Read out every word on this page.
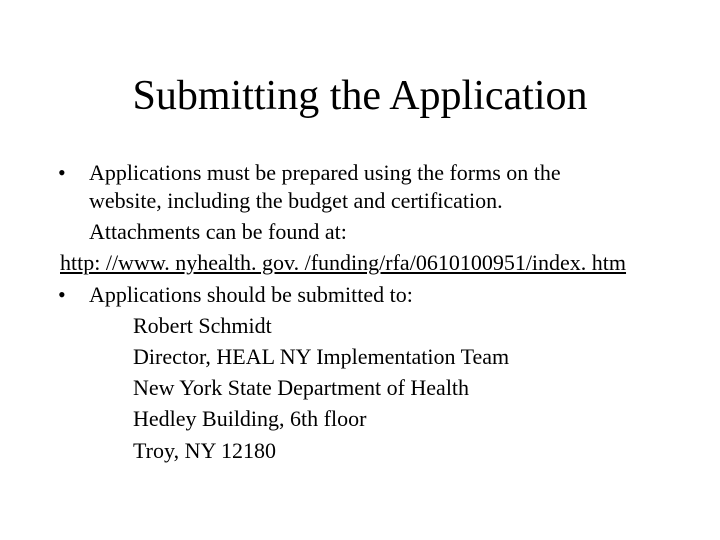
Submitting the Application
• Applications must be prepared using the forms on the
website, including the budget and certification.
Attachments can be found at:
http: //www. nyhealth. gov. /funding/rfa/0610100951/index. htm
• Applications should be submitted to:
Robert Schmidt
Director, HEAL NY Implementation Team
New York State Department of Health
Hedley Building, 6th floor
Troy, NY 12180
